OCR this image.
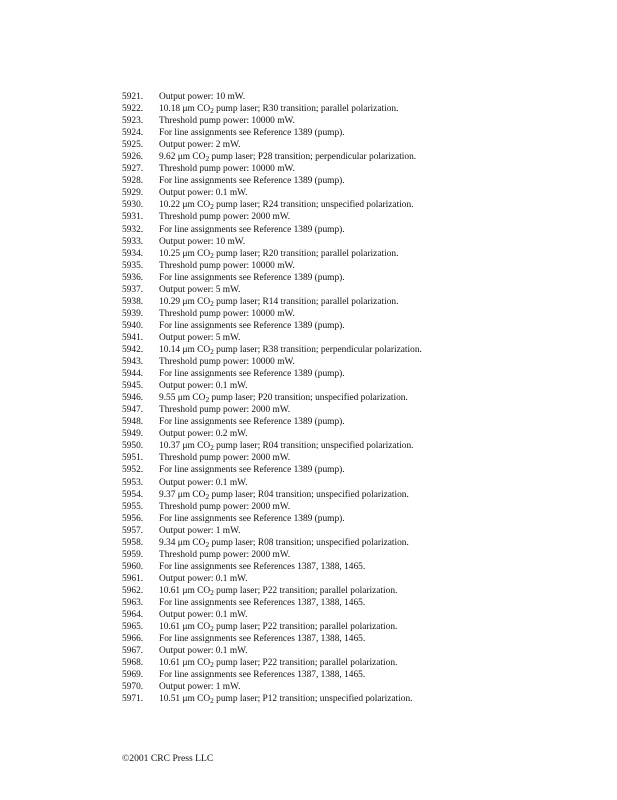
5921.	Output power: 10 mW.
5922.	10.18 μm $CO_2$ pump laser; R30 transition; parallel polarization.
5923.	Threshold pump power: 10000 mW.
5924.	For line assignments see Reference 1389 (pump).
5925.	Output power: 2 mW.
5926.	9.62 μm $CO_2$ pump laser; P28 transition; perpendicular polarization.
5927.	Threshold pump power: 10000 mW.
5928.	For line assignments see Reference 1389 (pump).
5929.	Output power: 0.1 mW.
5930.	10.22 μm $CO_2$ pump laser; R24 transition; unspecified polarization.
5931.	Threshold pump power: 2000 mW.
5932.	For line assignments see Reference 1389 (pump).
5933.	Output power: 10 mW.
5934.	10.25 μm $CO_2$ pump laser; R20 transition; parallel polarization.
5935.	Threshold pump power: 10000 mW.
5936.	For line assignments see Reference 1389 (pump).
5937.	Output power: 5 mW.
5938.	10.29 μm $CO_2$ pump laser; R14 transition; parallel polarization.
5939.	Threshold pump power: 10000 mW.
5940.	For line assignments see Reference 1389 (pump).
5941.	Output power: 5 mW.
5942.	10.14 μm $CO_2$ pump laser; R38 transition; perpendicular polarization.
5943.	Threshold pump power: 10000 mW.
5944.	For line assignments see Reference 1389 (pump).
5945.	Output power: 0.1 mW.
5946.	9.55 μm $CO_2$ pump laser; P20 transition; unspecified polarization.
5947.	Threshold pump power: 2000 mW.
5948.	For line assignments see Reference 1389 (pump).
5949.	Output power: 0.2 mW.
5950.	10.37 μm $CO_2$ pump laser; R04 transition; unspecified polarization.
5951.	Threshold pump power: 2000 mW.
5952.	For line assignments see Reference 1389 (pump).
5953.	Output power: 0.1 mW.
5954.	9.37 μm $CO_2$ pump laser; R04 transition; unspecified polarization.
5955.	Threshold pump power: 2000 mW.
5956.	For line assignments see Reference 1389 (pump).
5957.	Output power: 1 mW.
5958.	9.34 μm $CO_2$ pump laser; R08 transition; unspecified polarization.
5959.	Threshold pump power: 2000 mW.
5960.	For line assignments see References 1387, 1388, 1465.
5961.	Output power: 0.1 mW.
5962.	10.61 μm $CO_2$ pump laser; P22 transition; parallel polarization.
5963.	For line assignments see References 1387, 1388, 1465.
5964.	Output power: 0.1 mW.
5965.	10.61 μm $CO_2$ pump laser; P22 transition; parallel polarization.
5966.	For line assignments see References 1387, 1388, 1465.
5967.	Output power: 0.1 mW.
5968.	10.61 μm $CO_2$ pump laser; P22 transition; parallel polarization.
5969.	For line assignments see References 1387, 1388, 1465.
5970.	Output power: 1 mW.
5971.	10.51 μm $CO_2$ pump laser; P12 transition; unspecified polarization.
©2001 CRC Press LLC
